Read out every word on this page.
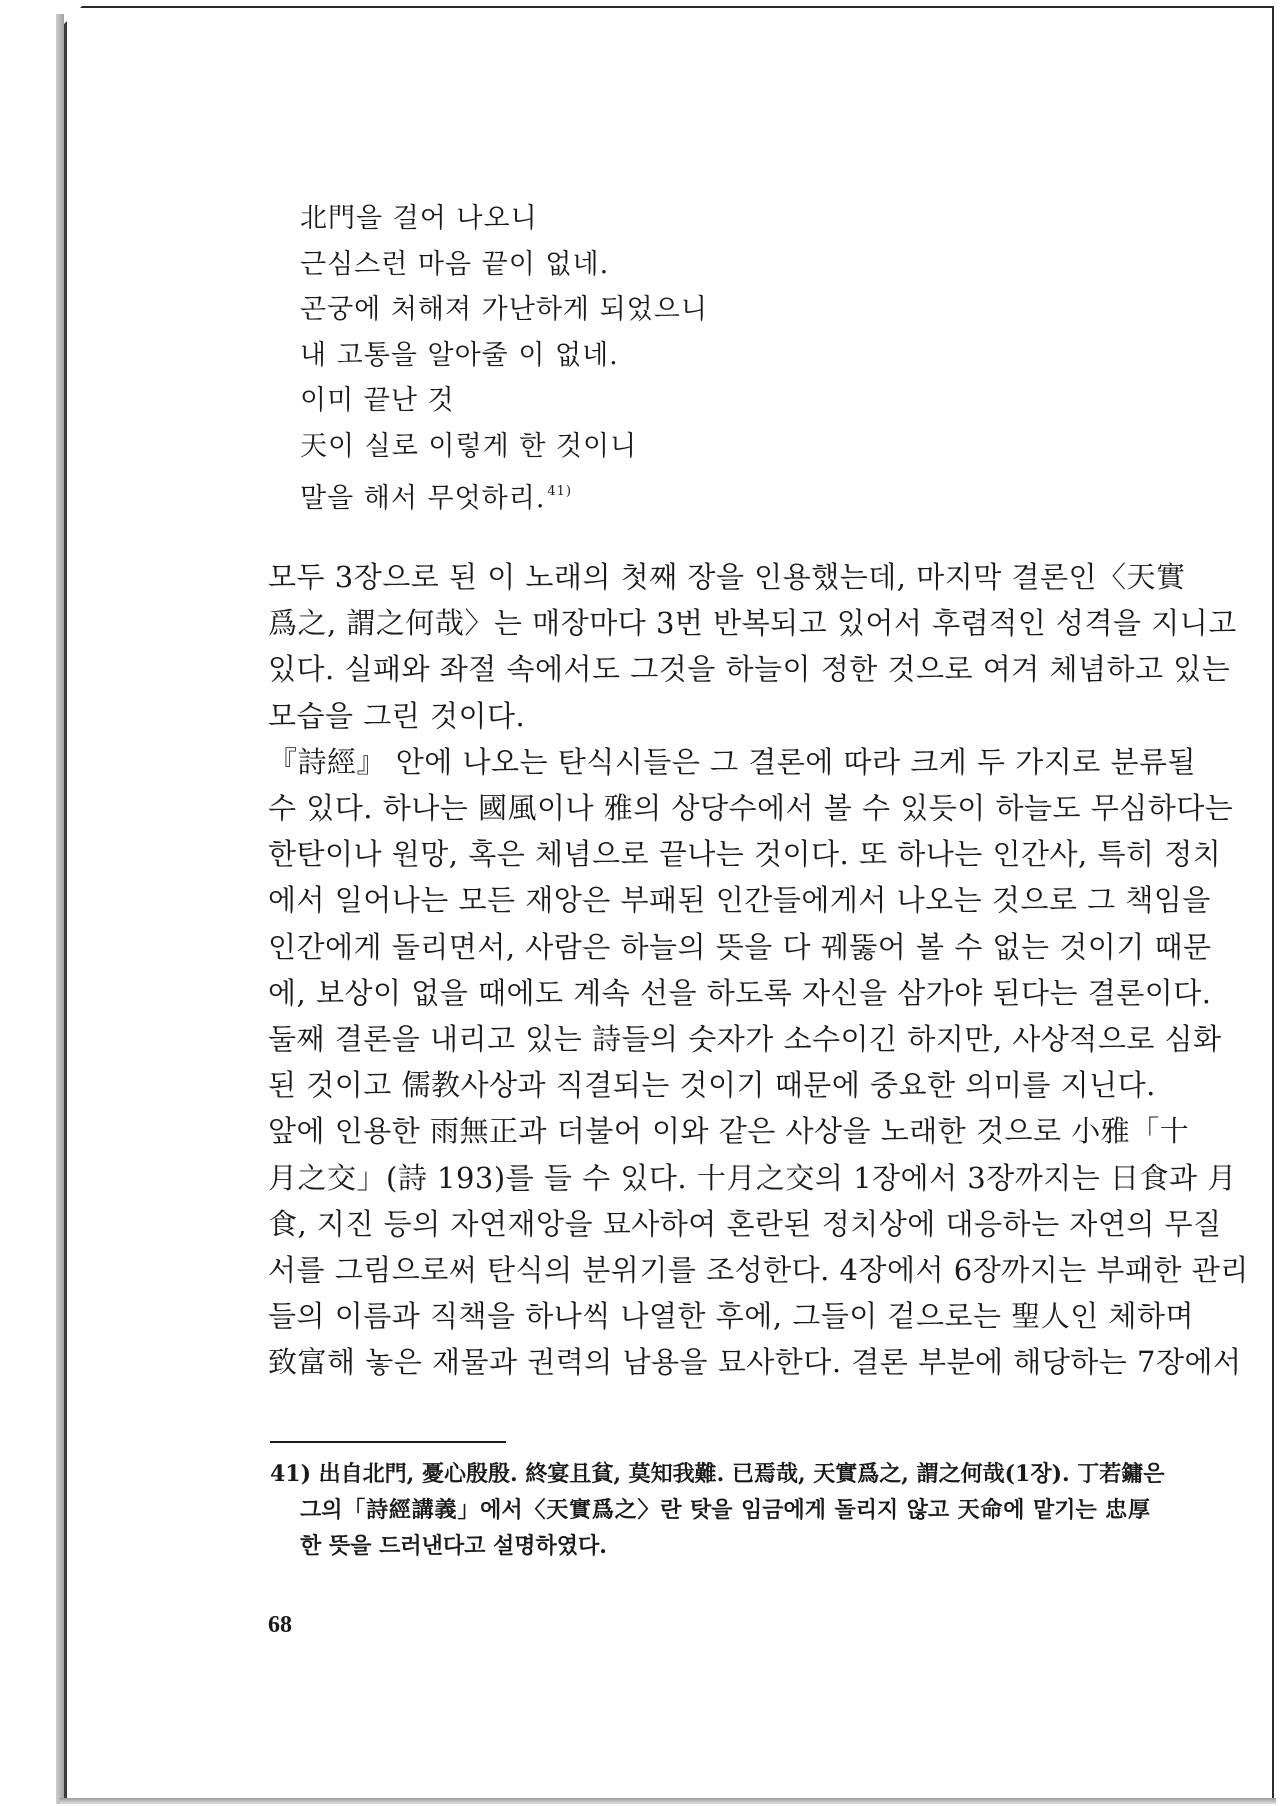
北門을 걸어 나오니
근심스런 마음 끝이 없네.
곤궁에 처해져 가난하게 되었으니
내 고통을 알아줄 이 없네.
이미 끝난 것
天이 실로 이렇게 한 것이니
말을 해서 무엇하리. $^{41)}$
모두 3장으로 된 이 노래의 첫째 장을 인용했는데, 마지막 결론인〈天實
爲之, 謂之何哉〉는 매장마다 3번 반복되고 있어서 후렴적인 성격을 지니고
있다. 실패와 좌절 속에서도 그것을 하늘이 정한 것으로 여겨 체념하고 있는
모습을 그린 것이다.
『詩經』 안에 나오는 탄식시들은 그 결론에 따라 크게 두 가지로 분류될
수 있다. 하나는 國風이나 雅의 상당수에서 볼 수 있듯이 하늘도 무심하다는
한탄이나 원망, 혹은 체념으로 끝나는 것이다. 또 하나는 인간사, 특히 정치
에서 일어나는 모든 재앙은 부패된 인간들에게서 나오는 것으로 그 책임을
인간에게 돌리면서, 사람은 하늘의 뜻을 다 꿰뚫어 볼 수 없는 것이기 때문
에, 보상이 없을 때에도 계속 선을 하도록 자신을 삼가야 된다는 결론이다.
둘째 결론을 내리고 있는 詩들의 숫자가 소수이긴 하지만, 사상적으로 심화
된 것이고 儒教사상과 직결되는 것이기 때문에 중요한 의미를 지닌다.
앞에 인용한 雨無正과 더불어 이와 같은 사상을 노래한 것으로 小雅「十
月之交」(詩 193)를 들 수 있다. 十月之交의 1장에서 3장까지는 日食과 月
食, 지진 등의 자연재앙을 묘사하여 혼란된 정치상에 대응하는 자연의 무질
서를 그림으로써 탄식의 분위기를 조성한다. 4장에서 6장까지는 부패한 관리
들의 이름과 직책을 하나씩 나열한 후에, 그들이 겉으로는 聖人인 체하며
致富해 놓은 재물과 권력의 남용을 묘사한다. 결론 부분에 해당하는 7장에서
41) 出自北門, 憂心殷殷. 終宴且貧, 莫知我難. 已焉哉, 天實爲之, 謂之何哉(1장). 丁若鏞은
그의「詩經講義」에서〈天實爲之〉란 탓을 임금에게 돌리지 않고 天命에 맡기는 忠厚
한 뜻을 드러낸다고 설명하였다.
68
